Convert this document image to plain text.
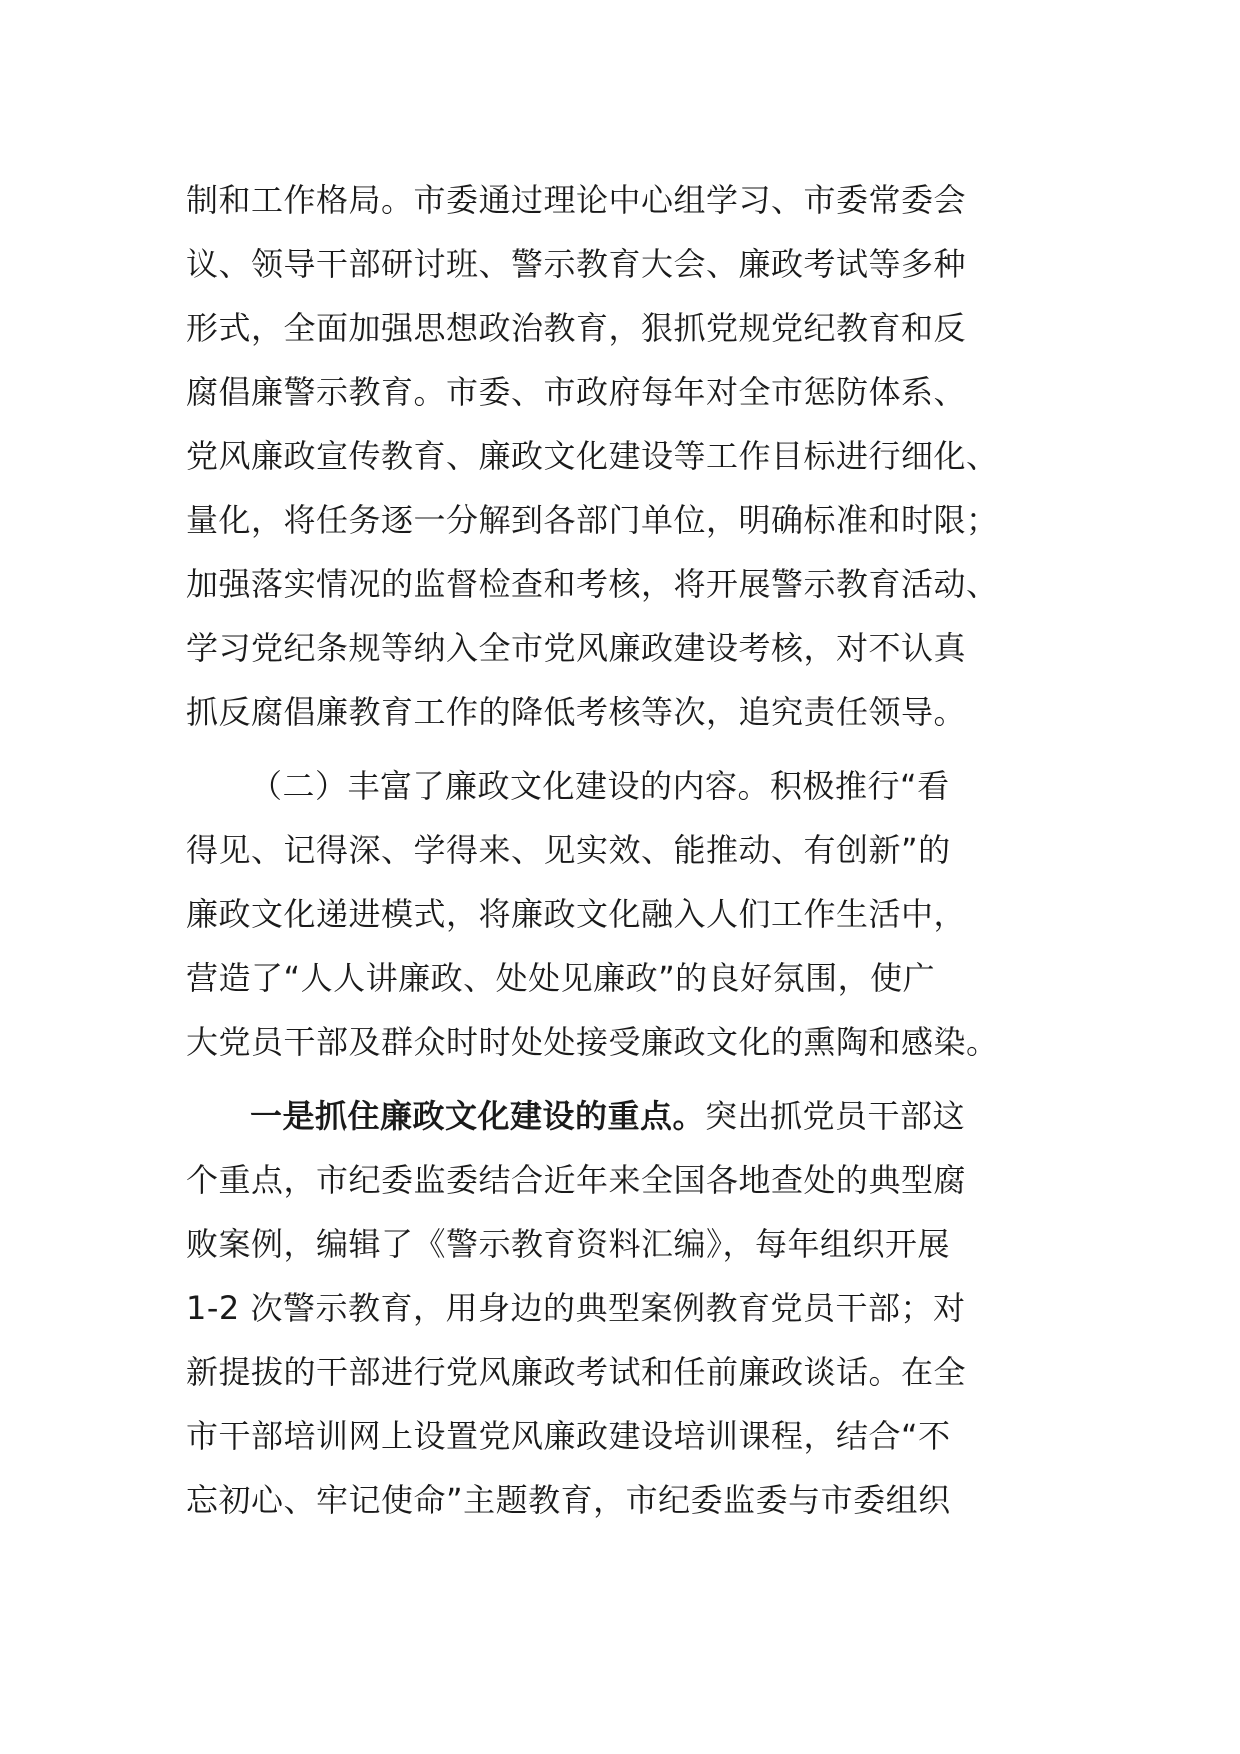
制和工作格局。市委通过理论中心组学习、市委常委会
议、领导干部研讨班、警示教育大会、廉政考试等多种
形式，全面加强思想政治教育，狠抓党规党纪教育和反
腐倡廉警示教育。市委、市政府每年对全市惩防体系、
党风廉政宣传教育、廉政文化建设等工作目标进行细化、
量化，将任务逐一分解到各部门单位，明确标准和时限；
加强落实情况的监督检查和考核，将开展警示教育活动、
学习党纪条规等纳入全市党风廉政建设考核，对不认真
抓反腐倡廉教育工作的降低考核等次，追究责任领导。

（二）丰富了廉政文化建设的内容。积极推行“看
得见、记得深、学得来、见实效、能推动、有创新”的
廉政文化递进模式，将廉政文化融入人们工作生活中，
营造了“人人讲廉政、处处见廉政”的良好氛围，使广
大党员干部及群众时时处处接受廉政文化的熏陶和感染。

一是抓住廉政文化建设的重点。突出抓党员干部这
个重点，市纪委监委结合近年来全国各地查处的典型腐
败案例，编辑了《警示教育资料汇编》，每年组织开展
1-2 次警示教育，用身边的典型案例教育党员干部；对
新提拔的干部进行党风廉政考试和任前廉政谈话。在全
市干部培训网上设置党风廉政建设培训课程，结合“不
忘初心、牢记使命”主题教育，市纪委监委与市委组织
